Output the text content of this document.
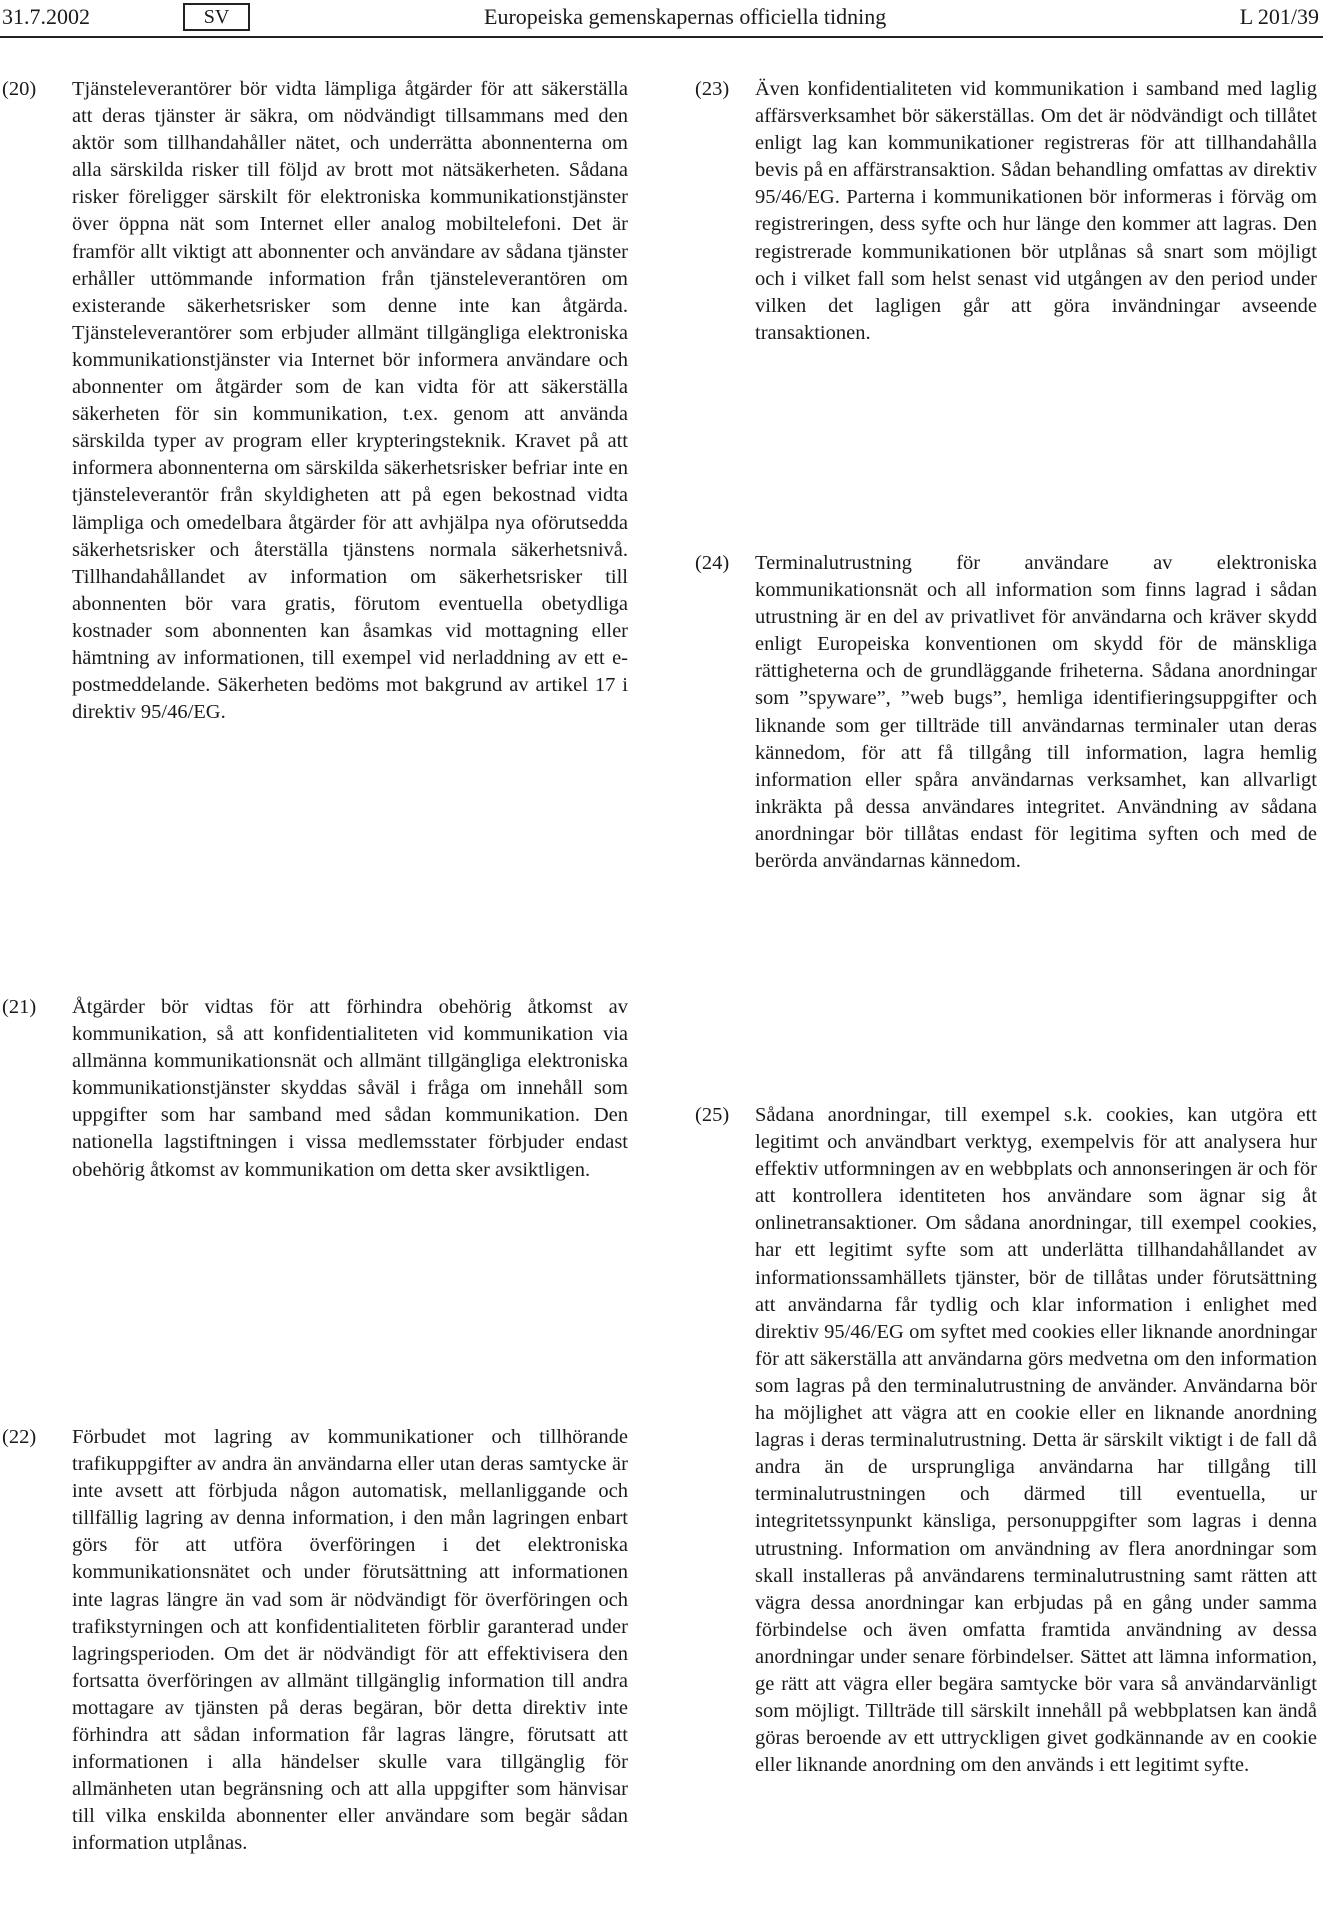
31.7.2002	SV	Europeiska gemenskapernas officiella tidning	L 201/39
(20)	Tjänsteleverantörer bör vidta lämpliga åtgärder för att säkerställa att deras tjänster är säkra, om nödvändigt tillsammans med den aktör som tillhandahåller nätet, och underrätta abonnenterna om alla särskilda risker till följd av brott mot nätsäkerheten. Sådana risker föreligger särskilt för elektroniska kommunikationstjänster över öppna nät som Internet eller analog mobiltelefoni. Det är framför allt viktigt att abonnenter och användare av sådana tjänster erhåller uttömmande information från tjänsteleverantören om existerande säkerhetsrisker som denne inte kan åtgärda. Tjänsteleverantörer som erbjuder allmänt tillgängliga elektroniska kommunikationstjänster via Internet bör informera användare och abonnenter om åtgärder som de kan vidta för att säkerställa säkerheten för sin kommunikation, t.ex. genom att använda särskilda typer av program eller krypteringsteknik. Kravet på att informera abonnenterna om särskilda säkerhetsrisker befriar inte en tjänsteleverantör från skyldigheten att på egen bekostnad vidta lämpliga och omedelbara åtgärder för att avhjälpa nya oförutsedda säkerhetsrisker och återställa tjänstens normala säkerhetsnivå. Tillhandahållandet av information om säkerhetsrisker till abonnenten bör vara gratis, förutom eventuella obetydliga kostnader som abonnenten kan åsamkas vid mottagning eller hämtning av informationen, till exempel vid nerladdning av ett e-postmeddelande. Säkerheten bedöms mot bakgrund av artikel 17 i direktiv 95/46/EG.
(21)	Åtgärder bör vidtas för att förhindra obehörig åtkomst av kommunikation, så att konfidentialiteten vid kommunikation via allmänna kommunikationsnät och allmänt tillgängliga elektroniska kommunikationstjänster skyddas såväl i fråga om innehåll som uppgifter som har samband med sådan kommunikation. Den nationella lagstiftningen i vissa medlemsstater förbjuder endast obehörig åtkomst av kommunikation om detta sker avsiktligen.
(22)	Förbudet mot lagring av kommunikationer och tillhörande trafikuppgifter av andra än användarna eller utan deras samtycke är inte avsett att förbjuda någon automatisk, mellanliggande och tillfällig lagring av denna information, i den mån lagringen enbart görs för att utföra överföringen i det elektroniska kommunikationsnätet och under förutsättning att informationen inte lagras längre än vad som är nödvändigt för överföringen och trafikstyrningen och att konfidentialiteten förblir garanterad under lagringsperioden. Om det är nödvändigt för att effektivisera den fortsatta överföringen av allmänt tillgänglig information till andra mottagare av tjänsten på deras begäran, bör detta direktiv inte förhindra att sådan information får lagras längre, förutsatt att informationen i alla händelser skulle vara tillgänglig för allmänheten utan begränsning och att alla uppgifter som hänvisar till vilka enskilda abonnenter eller användare som begär sådan information utplånas.
(23)	Även konfidentialiteten vid kommunikation i samband med laglig affärsverksamhet bör säkerställas. Om det är nödvändigt och tillåtet enligt lag kan kommunikationer registreras för att tillhandahålla bevis på en affärstransaktion. Sådan behandling omfattas av direktiv 95/46/EG. Parterna i kommunikationen bör informeras i förväg om registreringen, dess syfte och hur länge den kommer att lagras. Den registrerade kommunikationen bör utplånas så snart som möjligt och i vilket fall som helst senast vid utgången av den period under vilken det lagligen går att göra invändningar avseende transaktionen.
(24)	Terminalutrustning för användare av elektroniska kommunikationsnät och all information som finns lagrad i sådan utrustning är en del av privatlivet för användarna och kräver skydd enligt Europeiska konventionen om skydd för de mänskliga rättigheterna och de grundläggande friheterna. Sådana anordningar som ”spyware”, ”web bugs”, hemliga identifieringsuppgifter och liknande som ger tillträde till användarnas terminaler utan deras kännedom, för att få tillgång till information, lagra hemlig information eller spåra användarnas verksamhet, kan allvarligt inkräkta på dessa användares integritet. Användning av sådana anordningar bör tillåtas endast för legitima syften och med de berörda användarnas kännedom.
(25)	Sådana anordningar, till exempel s.k. cookies, kan utgöra ett legitimt och användbart verktyg, exempelvis för att analysera hur effektiv utformningen av en webbplats och annonseringen är och för att kontrollera identiteten hos användare som ägnar sig åt onlinetransaktioner. Om sådana anordningar, till exempel cookies, har ett legitimt syfte som att underlätta tillhandahållandet av informationssamhällets tjänster, bör de tillåtas under förutsättning att användarna får tydlig och klar information i enlighet med direktiv 95/46/EG om syftet med cookies eller liknande anordningar för att säkerställa att användarna görs medvetna om den information som lagras på den terminalutrustning de använder. Användarna bör ha möjlighet att vägra att en cookie eller en liknande anordning lagras i deras terminalutrustning. Detta är särskilt viktigt i de fall då andra än de ursprungliga användarna har tillgång till terminalutrustningen och därmed till eventuella, ur integritetssynpunkt känsliga, personuppgifter som lagras i denna utrustning. Information om användning av flera anordningar som skall installeras på användarens terminalutrustning samt rätten att vägra dessa anordningar kan erbjudas på en gång under samma förbindelse och även omfatta framtida användning av dessa anordningar under senare förbindelser. Sättet att lämna information, ge rätt att vägra eller begära samtycke bör vara så användarvänligt som möjligt. Tillträde till särskilt innehåll på webbplatsen kan ändå göras beroende av ett uttryckligen givet godkännande av en cookie eller liknande anordning om den används i ett legitimt syfte.
